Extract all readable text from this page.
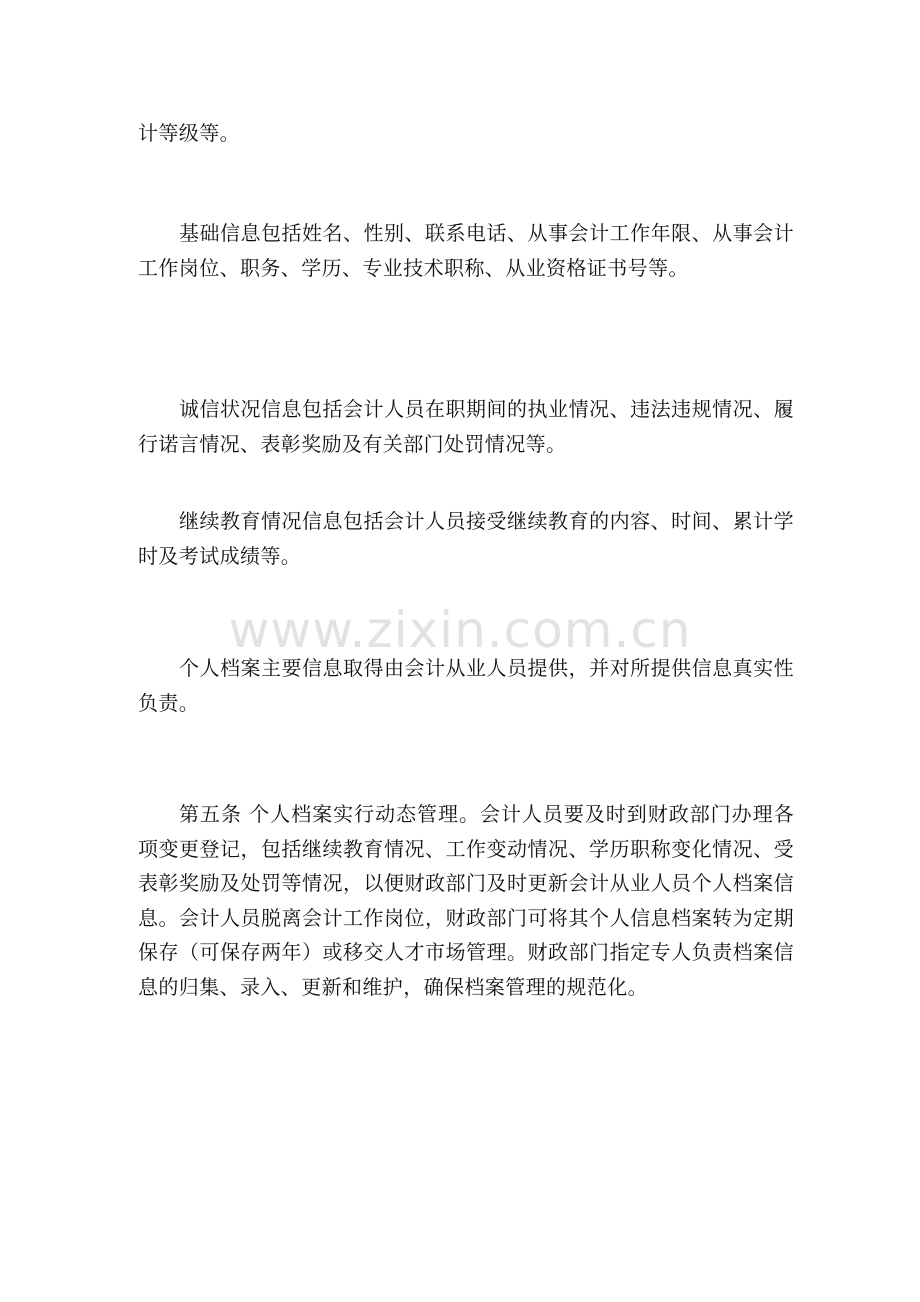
计等级等。

基础信息包括姓名、性别、联系电话、从事会计工作年限、从事会计工作岗位、职务、学历、专业技术职称、从业资格证书号等。

诚信状况信息包括会计人员在职期间的执业情况、违法违规情况、履行诺言情况、表彰奖励及有关部门处罚情况等。

继续教育情况信息包括会计人员接受继续教育的内容、时间、累计学时及考试成绩等。

个人档案主要信息取得由会计从业人员提供，并对所提供信息真实性负责。

第五条 个人档案实行动态管理。会计人员要及时到财政部门办理各项变更登记，包括继续教育情况、工作变动情况、学历职称变化情况、受表彰奖励及处罚等情况，以便财政部门及时更新会计从业人员个人档案信息。会计人员脱离会计工作岗位，财政部门可将其个人信息档案转为定期保存（可保存两年）或移交人才市场管理。财政部门指定专人负责档案信息的归集、录入、更新和维护，确保档案管理的规范化。

www.zixin.com.cn
